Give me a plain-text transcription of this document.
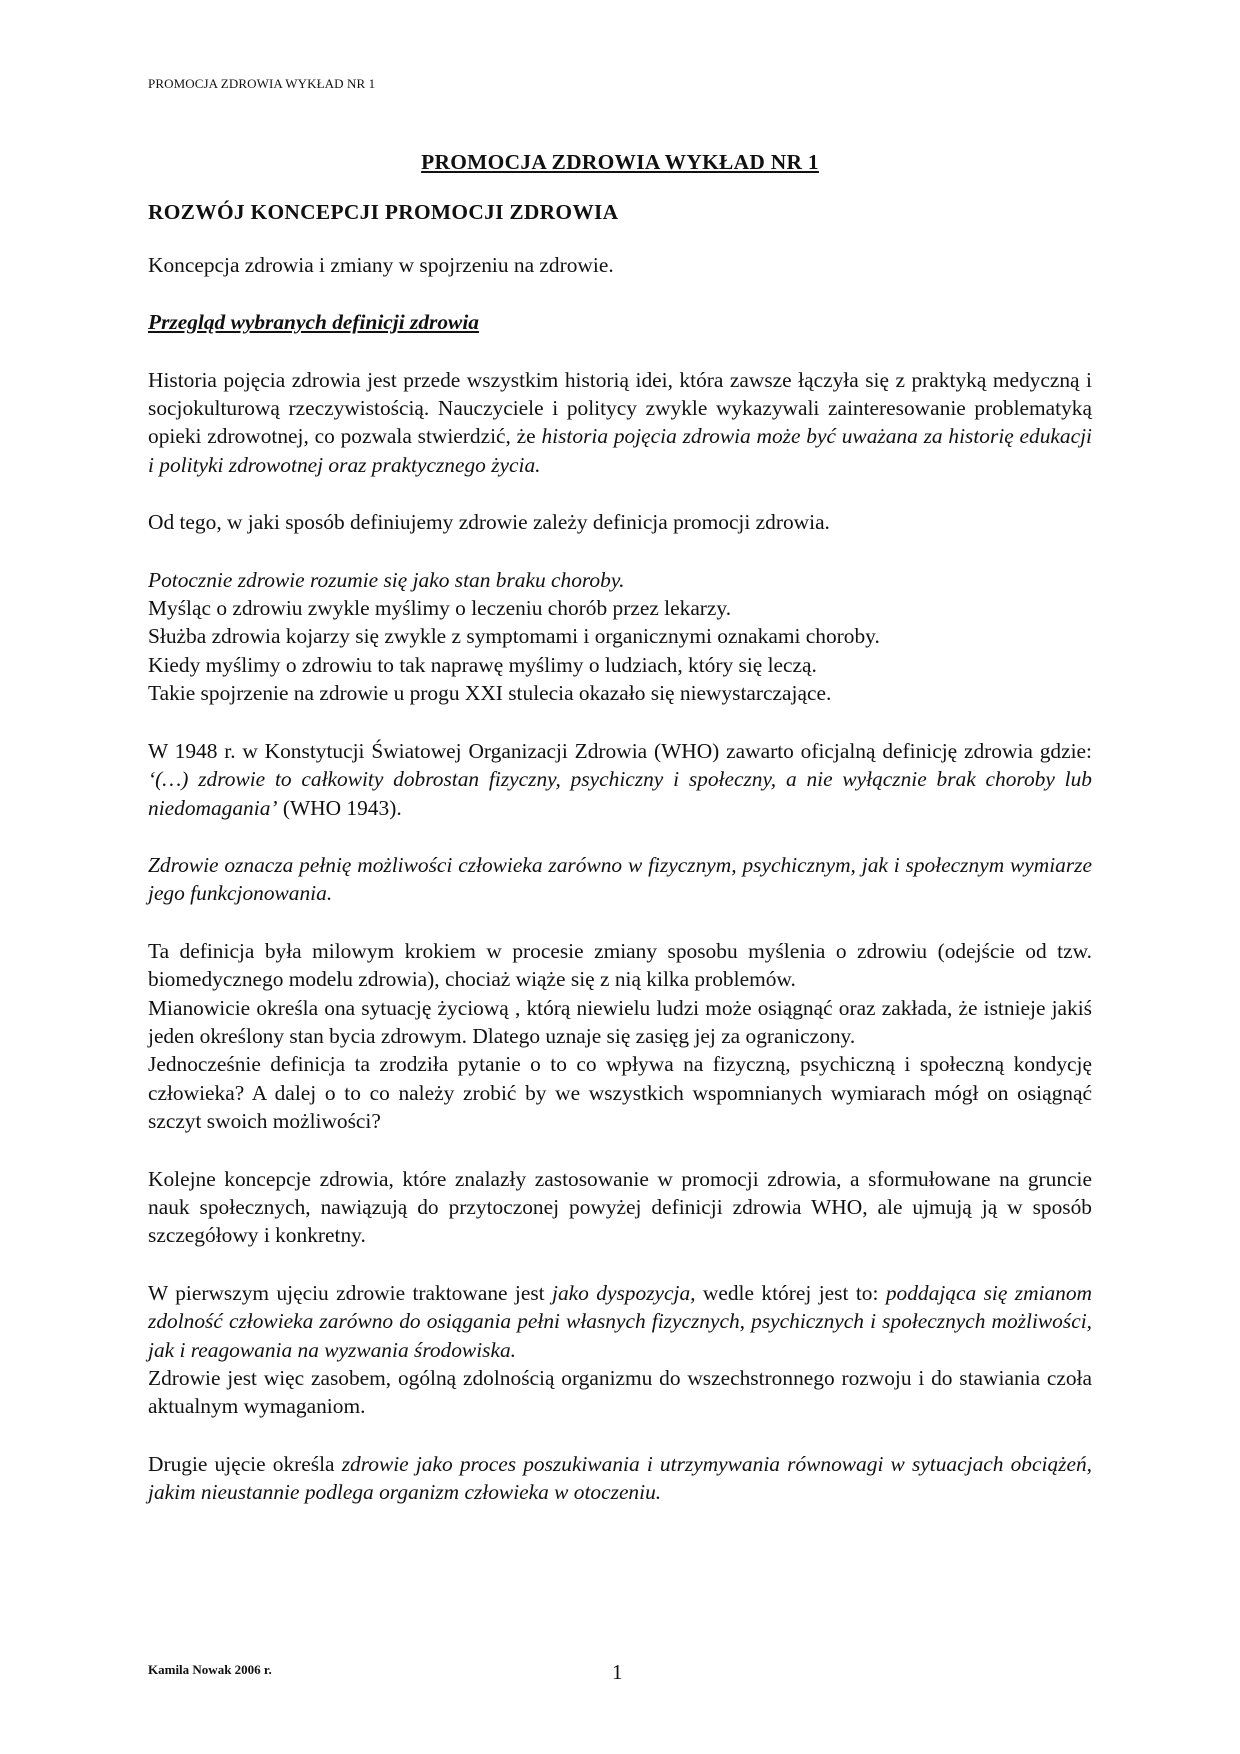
PROMOCJA ZDROWIA WYKŁAD NR 1
PROMOCJA ZDROWIA WYKŁAD NR 1
ROZWÓJ KONCEPCJI PROMOCJI ZDROWIA

Koncepcja zdrowia i zmiany w spojrzeniu na zdrowie.

Przegląd wybranych definicji zdrowia

Historia pojęcia zdrowia jest przede wszystkim historią idei, która zawsze łączyła się z praktyką medyczną i socjokulturową rzeczywistością. Nauczyciele i politycy zwykle wykazywali zainteresowanie problematyką opieki zdrowotnej, co pozwala stwierdzić, że historia pojęcia zdrowia może być uważana za historię edukacji i polityki zdrowotnej oraz praktycznego życia.

Od tego, w jaki sposób definiujemy zdrowie zależy definicja promocji zdrowia.

Potocznie zdrowie rozumie się jako stan braku choroby.
Myśląc o zdrowiu zwykle myślimy o leczeniu chorób przez lekarzy.
Służba zdrowia kojarzy się zwykle z symptomami i organicznymi oznakami choroby.
Kiedy myślimy o zdrowiu to tak naprawę myślimy o ludziach, który się leczą.
Takie spojrzenie na zdrowie u progu XXI stulecia okazało się niewystarczające.

W 1948 r. w Konstytucji Światowej Organizacji Zdrowia (WHO) zawarto oficjalną definicję zdrowia gdzie: ‘(…) zdrowie to całkowity dobrostan fizyczny, psychiczny i społeczny, a nie wyłącznie brak choroby lub niedomagania’ (WHO 1943).

Zdrowie oznacza pełnię możliwości człowieka zarówno w fizycznym, psychicznym, jak i społecznym wymiarze jego funkcjonowania.

Ta definicja była milowym krokiem w procesie zmiany sposobu myślenia o zdrowiu (odejście od tzw. biomedycznego modelu zdrowia), chociaż wiąże się z nią kilka problemów.
Mianowicie określa ona sytuację życiową , którą niewielu ludzi może osiągnąć oraz zakłada, że istnieje jakiś jeden określony stan bycia zdrowym. Dlatego uznaje się zasięg jej za ograniczony.
Jednocześnie definicja ta zrodziła pytanie o to co wpływa na fizyczną, psychiczną i społeczną kondycję człowieka? A dalej o to co należy zrobić by we wszystkich wspomnianych wymiarach mógł on osiągnąć szczyt swoich możliwości?

Kolejne koncepcje zdrowia, które znalazły zastosowanie w promocji zdrowia, a sformułowane na gruncie nauk społecznych, nawiązują do przytoczonej powyżej definicji zdrowia WHO, ale ujmują ją w sposób szczegółowy i konkretny.

W pierwszym ujęciu zdrowie traktowane jest jako dyspozycja, wedle której jest to: poddająca się zmianom zdolność człowieka zarówno do osiągania pełni własnych fizycznych, psychicznych i społecznych możliwości, jak i reagowania na wyzwania środowiska.
Zdrowie jest więc zasobem, ogólną zdolnością organizmu do wszechstronnego rozwoju i do stawiania czoła aktualnym wymaganiom.

Drugie ujęcie określa zdrowie jako proces poszukiwania i utrzymywania równowagi w sytuacjach obciążeń, jakim nieustannie podlega organizm człowieka w otoczeniu.

Kamila Nowak 2006 r.	1
